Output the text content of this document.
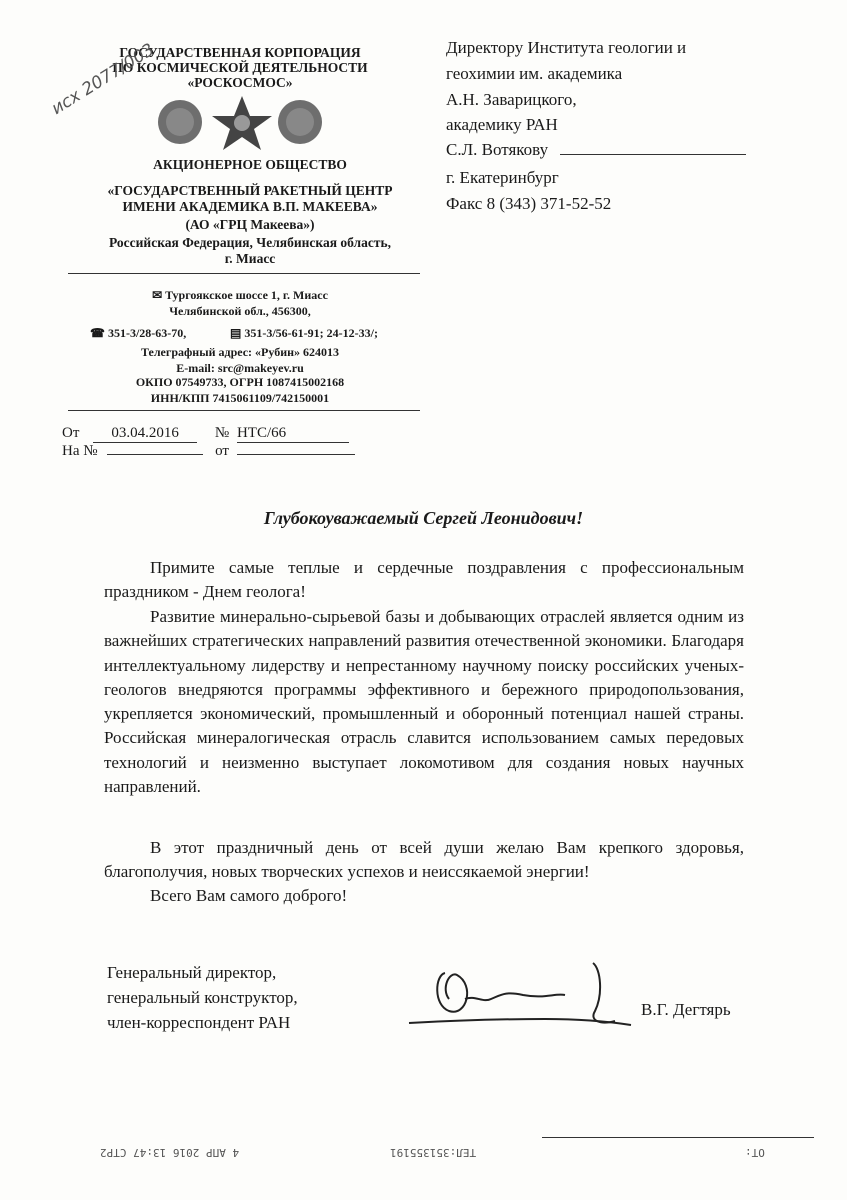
ГОСУДАРСТВЕННАЯ КОРПОРАЦИЯ
ПО КОСМИЧЕСКОЙ ДЕЯТЕЛЬНОСТИ
«РОСКОСМОС»
АКЦИОНЕРНОЕ ОБЩЕСТВО
«ГОСУДАРСТВЕННЫЙ РАКЕТНЫЙ ЦЕНТР
ИМЕНИ АКАДЕМИКА В.П. МАКЕЕВА»
(АО «ГРЦ Макеева»)
Российская Федерация, Челябинская область,
г. Миасс
✉ Тургоякское шоссе 1, г. Миасс
Челябинской обл., 456300,
☎ 351-3/28-63-70,	▤ 351-3/56-61-91; 24-12-33/;
Телеграфный адрес: «Рубин» 624013
E-mail: src@makeyev.ru
ОКПО 07549733, ОГРН 1087415002168
ИНН/КПП 7415061109/742150001
исх 2077/003
От 03.04.2016 № НТС/66
На №	от
Директору Института геологии и
геохимии им. академика
А.Н. Заварицкого,
академику РАН
С.Л. Вотякову
г. Екатеринбург
Факс 8 (343) 371-52-52
Глубокоуважаемый Сергей Леонидович!
Примите самые теплые и сердечные поздравления с профессиональным праздником - Днем геолога!
Развитие минерально-сырьевой базы и добывающих отраслей является одним из важнейших стратегических направлений развития отечественной экономики. Благодаря интеллектуальному лидерству и непрестанному научному поиску российских ученых-геологов внедряются программы эффективного и бережного природопользования, укрепляется экономический, промышленный и оборонный потенциал нашей страны. Российская минералогическая отрасль славится использованием самых передовых технологий и неизменно выступает локомотивом для создания новых научных направлений.
В этот праздничный день от всей души желаю Вам крепкого здоровья, благополучия, новых творческих успехов и неиссякаемой энергии!
Всего Вам самого доброго!
Генеральный директор,
генеральный конструктор,
член-корреспондент РАН
В.Г. Дегтярь
4 АПР 2016 13:47 СТР2	ТЕЛ:351355191	ОТ:
